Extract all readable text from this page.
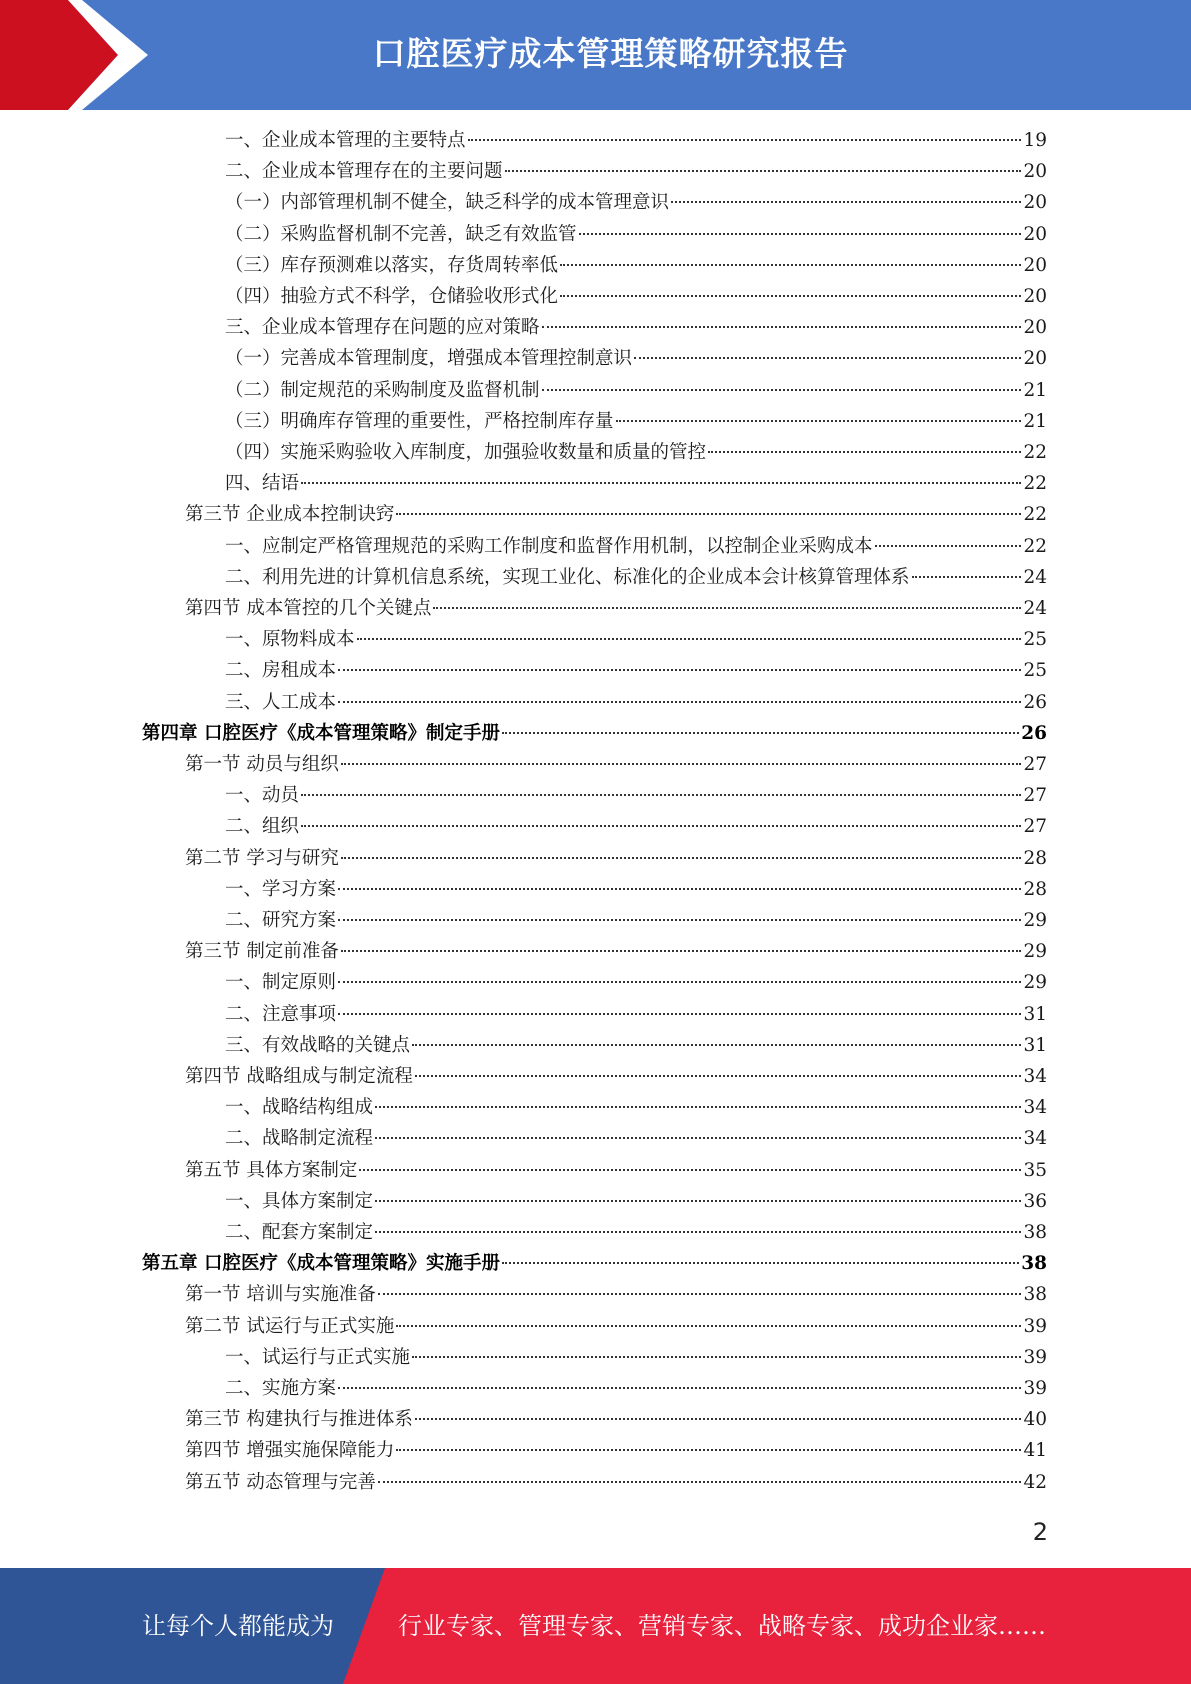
口腔医疗成本管理策略研究报告
一、企业成本管理的主要特点	19
二、企业成本管理存在的主要问题	20
（一）内部管理机制不健全，缺乏科学的成本管理意识	20
（二）采购监督机制不完善，缺乏有效监管	20
（三）库存预测难以落实，存货周转率低	20
（四）抽验方式不科学，仓储验收形式化	20
三、企业成本管理存在问题的应对策略	20
（一）完善成本管理制度，增强成本管理控制意识	20
（二）制定规范的采购制度及监督机制	21
（三）明确库存管理的重要性，严格控制库存量	21
（四）实施采购验收入库制度，加强验收数量和质量的管控	22
四、结语	22
第三节 企业成本控制诀窍	22
一、应制定严格管理规范的采购工作制度和监督作用机制，以控制企业采购成本	22
二、利用先进的计算机信息系统，实现工业化、标准化的企业成本会计核算管理体系	24
第四节 成本管控的几个关键点	24
一、原物料成本	25
二、房租成本	25
三、人工成本	26
第四章 口腔医疗《成本管理策略》制定手册	26
第一节 动员与组织	27
一、动员	27
二、组织	27
第二节 学习与研究	28
一、学习方案	28
二、研究方案	29
第三节 制定前准备	29
一、制定原则	29
二、注意事项	31
三、有效战略的关键点	31
第四节 战略组成与制定流程	34
一、战略结构组成	34
二、战略制定流程	34
第五节 具体方案制定	35
一、具体方案制定	36
二、配套方案制定	38
第五章 口腔医疗《成本管理策略》实施手册	38
第一节 培训与实施准备	38
第二节 试运行与正式实施	39
一、试运行与正式实施	39
二、实施方案	39
第三节 构建执行与推进体系	40
第四节 增强实施保障能力	41
第五节 动态管理与完善	42
2
让每个人都能成为	行业专家、管理专家、营销专家、战略专家、成功企业家……
